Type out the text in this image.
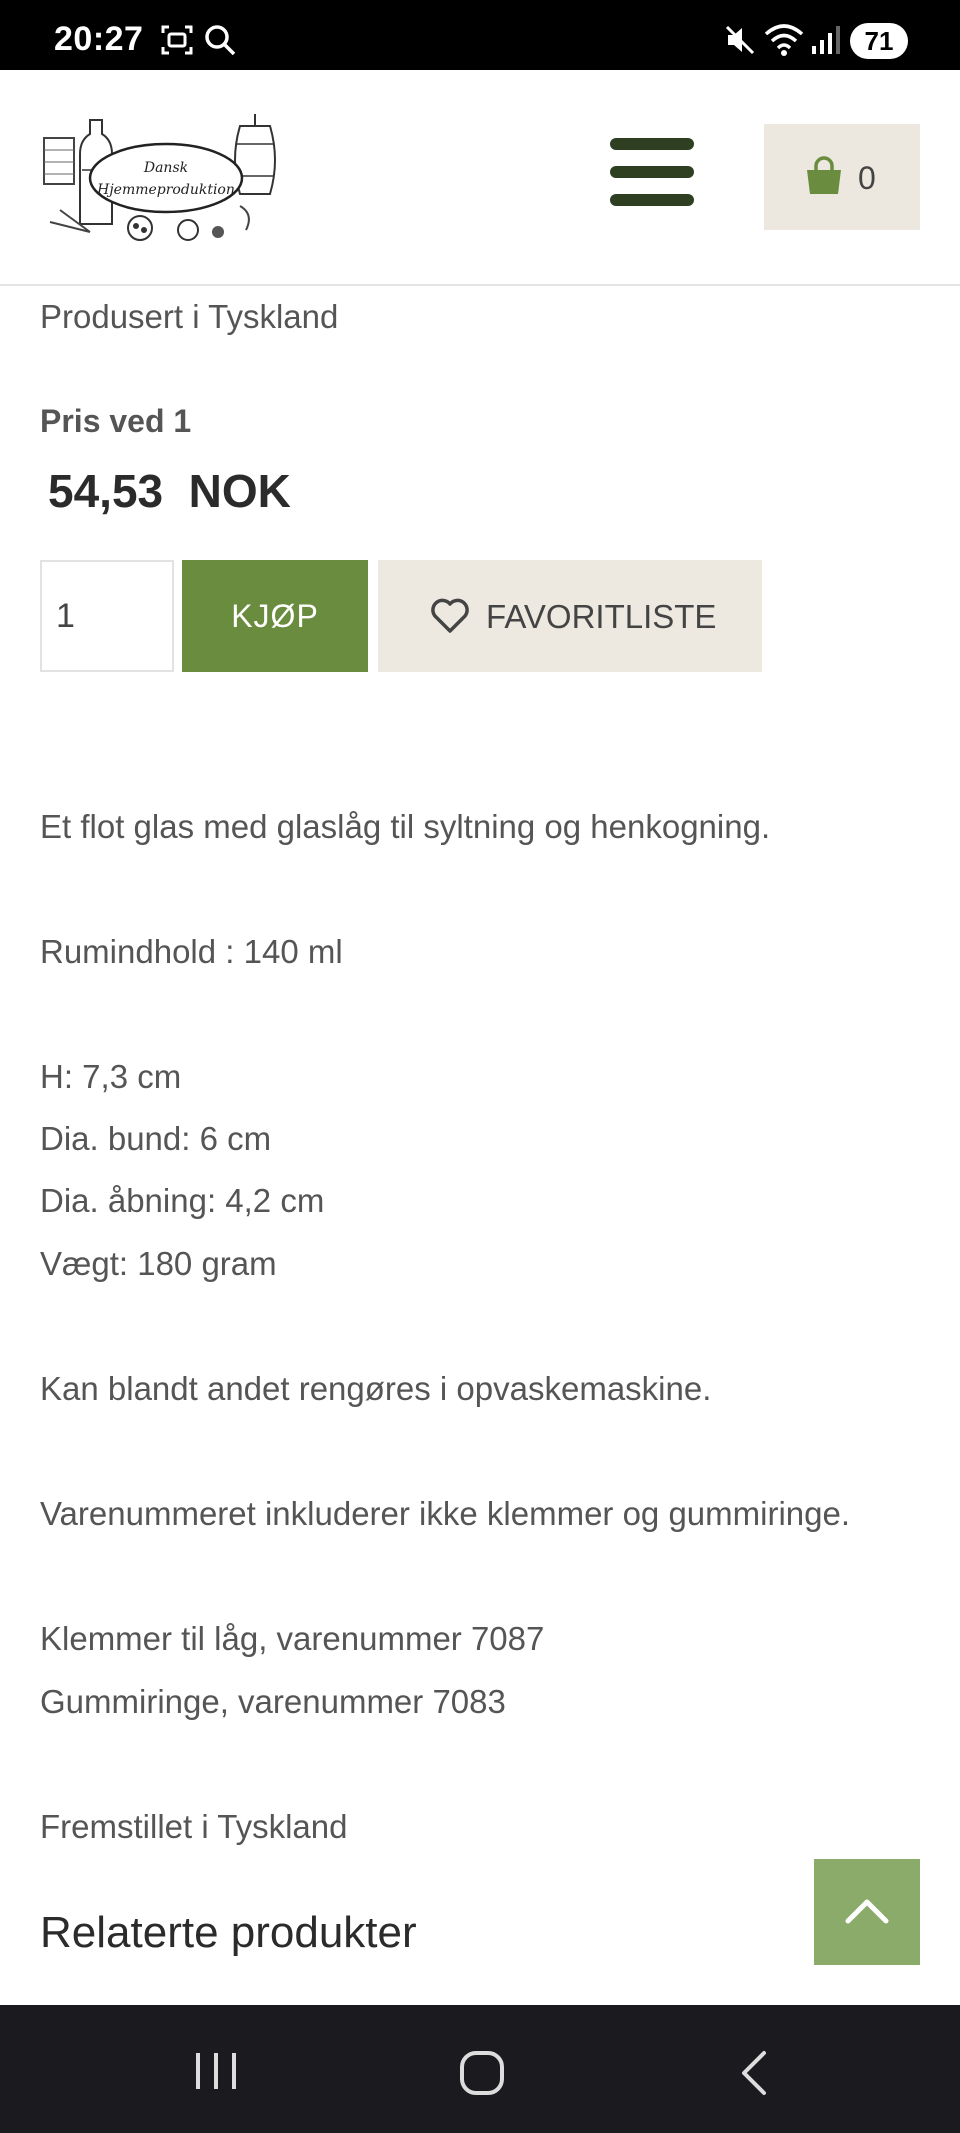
20:27	71
Dansk
Hjemmeproduktion	0
Produsert i Tyskland
Pris ved 1
54,53  NOK
1
KJØP	FAVORITLISTE
Et flot glas med glaslåg til syltning og henkogning.
Rumindhold : 140 ml
H: 7,3 cm
Dia. bund: 6 cm
Dia. åbning: 4,2 cm
Vægt: 180 gram
Kan blandt andet rengøres i opvaskemaskine.
Varenummeret inkluderer ikke klemmer og gummiringe.
Klemmer til låg, varenummer 7087
Gummiringe, varenummer 7083
Fremstillet i Tyskland
Relaterte produkter
